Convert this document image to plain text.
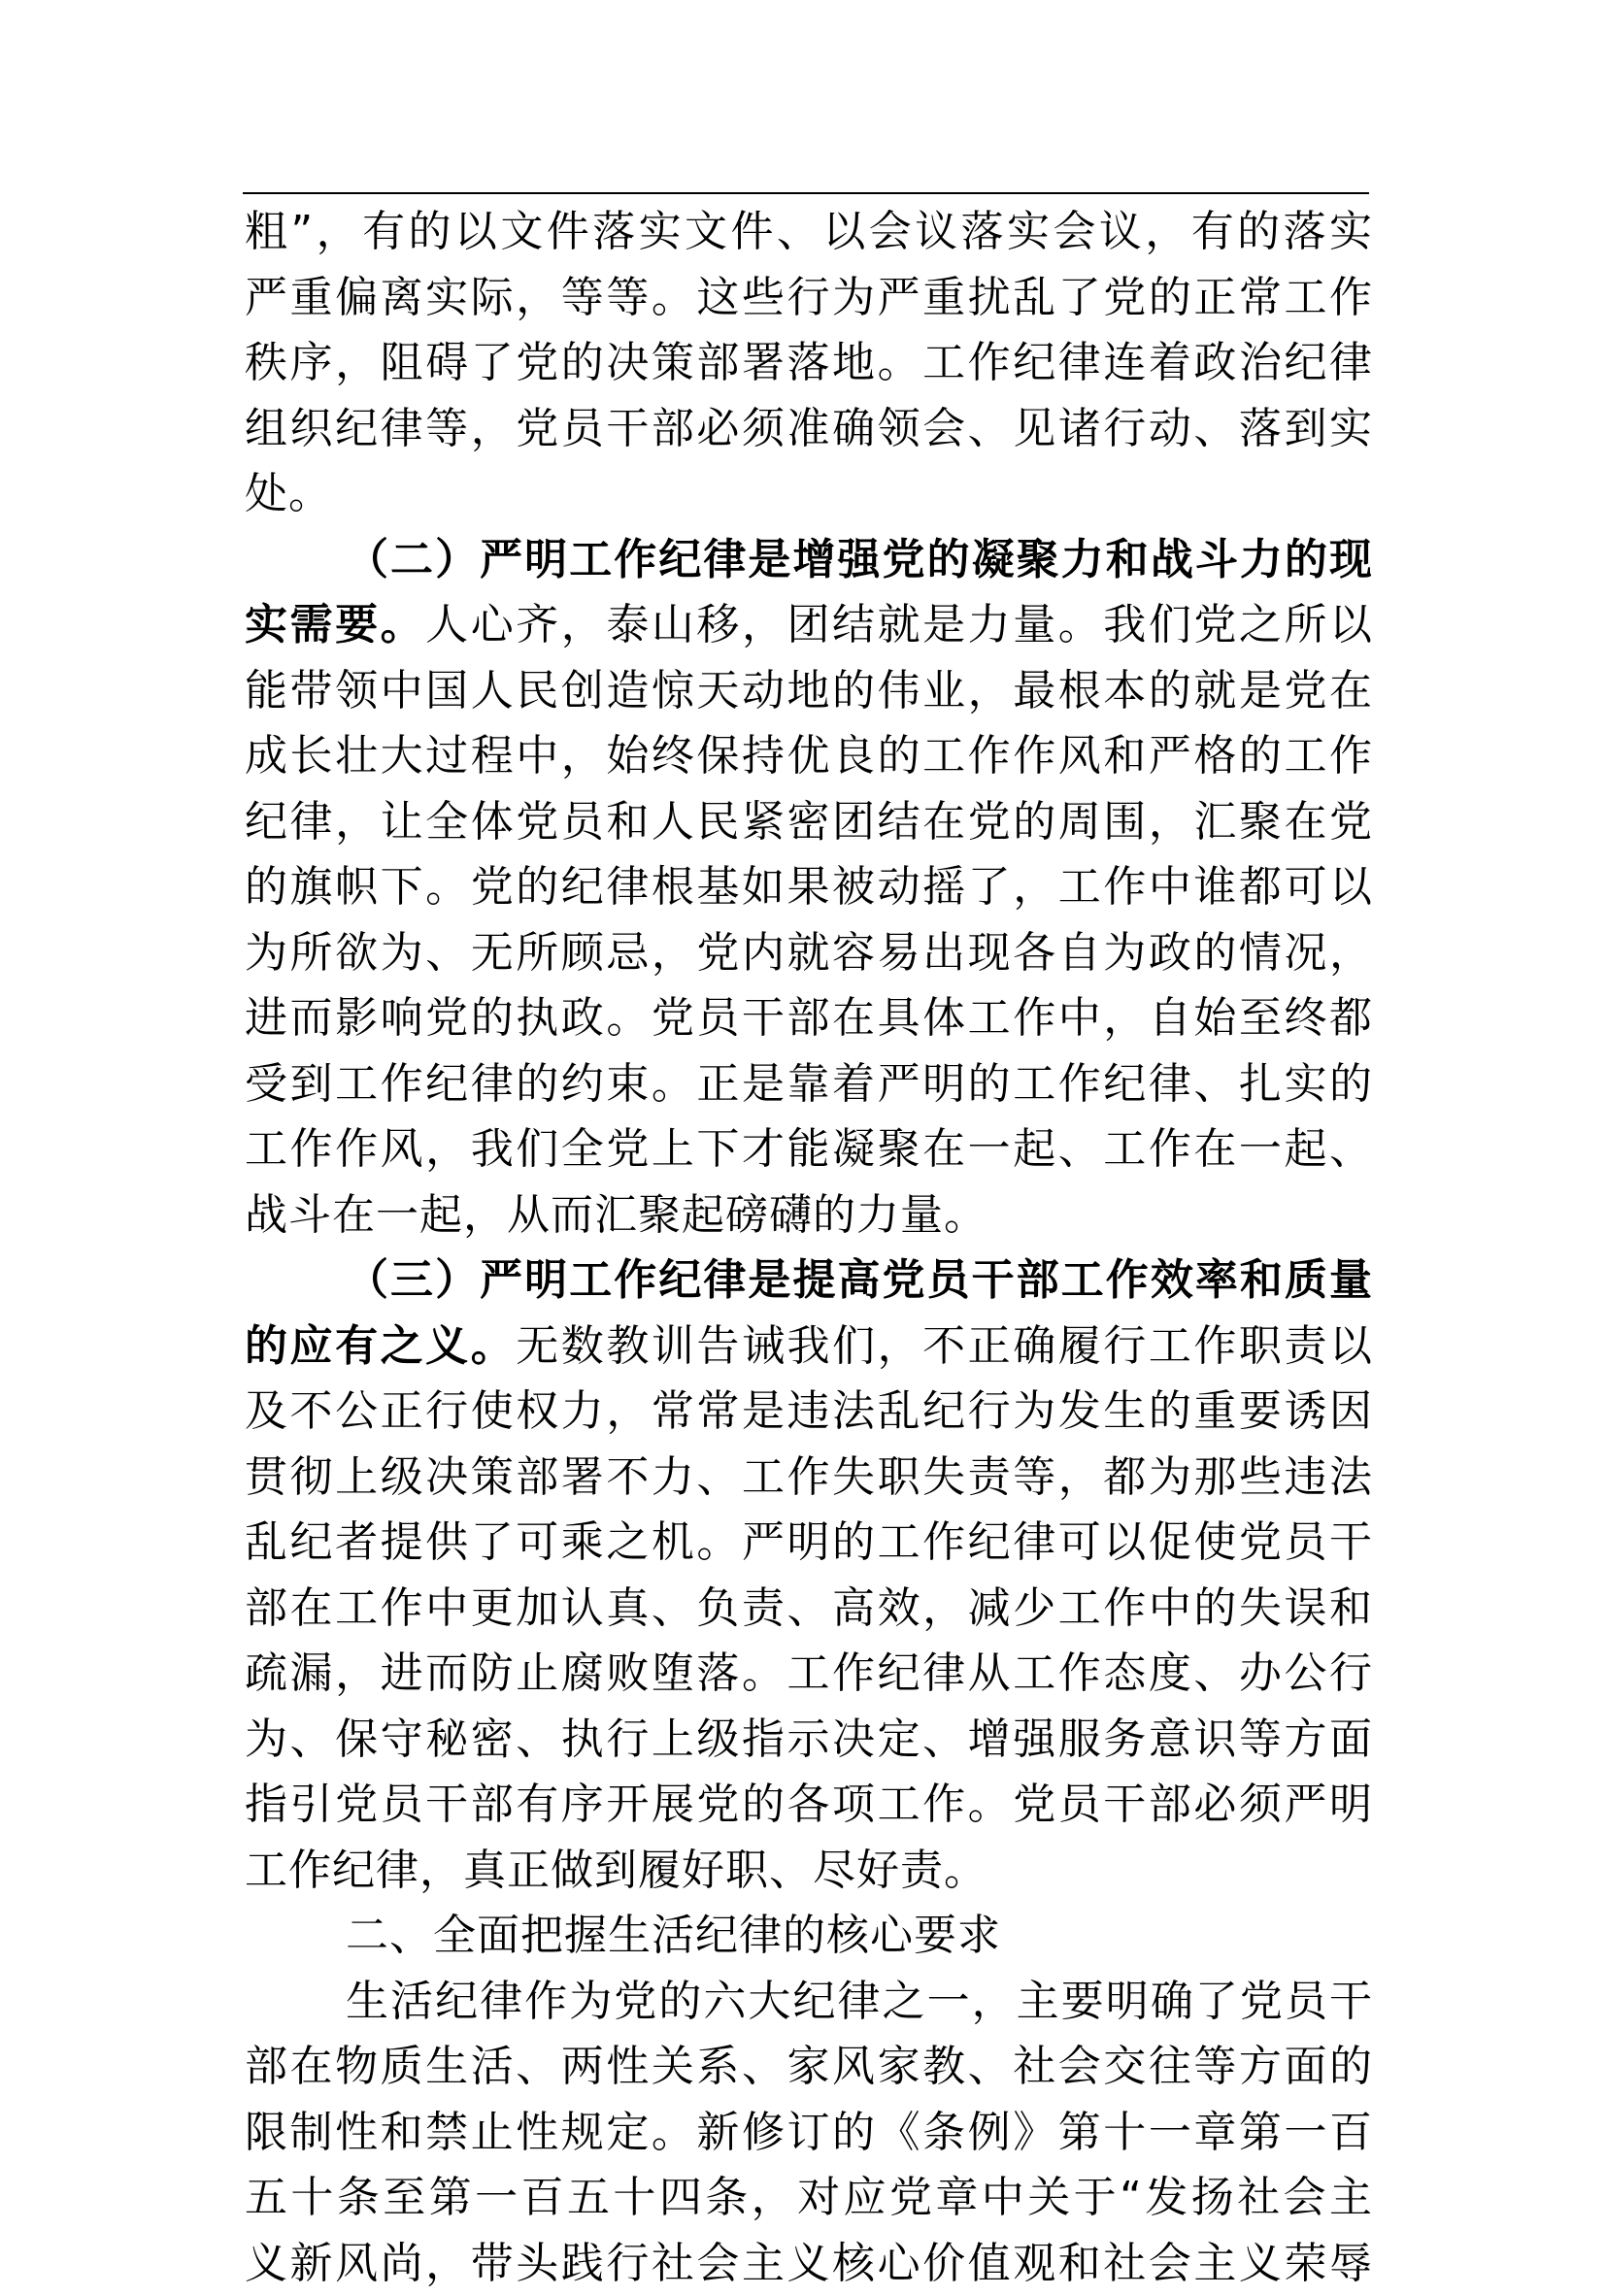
粗”，有的以文件落实文件、以会议落实会议，有的落实
严重偏离实际，等等。这些行为严重扰乱了党的正常工作
秩序，阻碍了党的决策部署落地。工作纪律连着政治纪律
组织纪律等，党员干部必须准确领会、见诸行动、落到实
处。
（二）严明工作纪律是增强党的凝聚力和战斗力的现
实需要。人心齐，泰山移，团结就是力量。我们党之所以
能带领中国人民创造惊天动地的伟业，最根本的就是党在
成长壮大过程中，始终保持优良的工作作风和严格的工作
纪律，让全体党员和人民紧密团结在党的周围，汇聚在党
的旗帜下。党的纪律根基如果被动摇了，工作中谁都可以
为所欲为、无所顾忌，党内就容易出现各自为政的情况，
进而影响党的执政。党员干部在具体工作中，自始至终都
受到工作纪律的约束。正是靠着严明的工作纪律、扎实的
工作作风，我们全党上下才能凝聚在一起、工作在一起、
战斗在一起，从而汇聚起磅礴的力量。
（三）严明工作纪律是提高党员干部工作效率和质量
的应有之义。无数教训告诫我们，不正确履行工作职责以
及不公正行使权力，常常是违法乱纪行为发生的重要诱因
贯彻上级决策部署不力、工作失职失责等，都为那些违法
乱纪者提供了可乘之机。严明的工作纪律可以促使党员干
部在工作中更加认真、负责、高效，减少工作中的失误和
疏漏，进而防止腐败堕落。工作纪律从工作态度、办公行
为、保守秘密、执行上级指示决定、增强服务意识等方面
指引党员干部有序开展党的各项工作。党员干部必须严明
工作纪律，真正做到履好职、尽好责。
二、全面把握生活纪律的核心要求
生活纪律作为党的六大纪律之一，主要明确了党员干
部在物质生活、两性关系、家风家教、社会交往等方面的
限制性和禁止性规定。新修订的《条例》第十一章第一百
五十条至第一百五十四条，对应党章中关于“发扬社会主
义新风尚，带头践行社会主义核心价值观和社会主义荣辱
